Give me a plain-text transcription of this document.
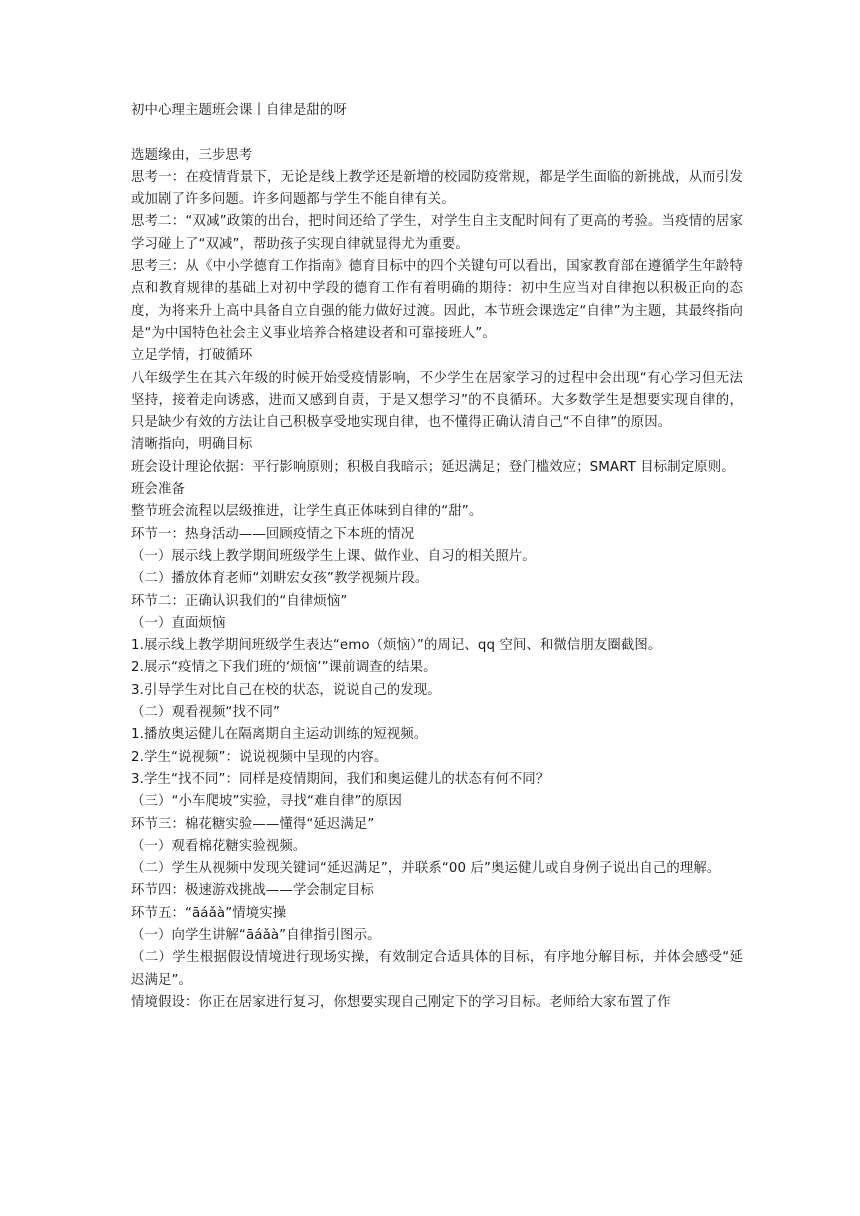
初中心理主题班会课丨自律是甜的呀

选题缘由，三步思考

思考一：在疫情背景下，无论是线上教学还是新增的校园防疫常规，都是学生面临的新挑战，从而引发或加剧了许多问题。许多问题都与学生不能自律有关。

思考二：“双减”政策的出台，把时间还给了学生，对学生自主支配时间有了更高的考验。当疫情的居家学习碰上了“双减”，帮助孩子实现自律就显得尤为重要。

思考三：从《中小学德育工作指南》德育目标中的四个关键句可以看出，国家教育部在遵循学生年龄特点和教育规律的基础上对初中学段的德育工作有着明确的期待：初中生应当对自律抱以积极正向的态度，为将来升上高中具备自立自强的能力做好过渡。因此，本节班会课选定“自律”为主题，其最终指向是“为中国特色社会主义事业培养合格建设者和可靠接班人”。

立足学情，打破循环

八年级学生在其六年级的时候开始受疫情影响，不少学生在居家学习的过程中会出现“有心学习但无法坚持，接着走向诱惑，进而又感到自责，于是又想学习”的不良循环。大多数学生是想要实现自律的，只是缺少有效的方法让自己积极享受地实现自律，也不懂得正确认清自己“不自律”的原因。

清晰指向，明确目标

班会设计理论依据：平行影响原则；积极自我暗示；延迟满足；登门槛效应；SMART 目标制定原则。

班会准备

整节班会流程以层级推进，让学生真正体味到自律的“甜”。

环节一：热身活动——回顾疫情之下本班的情况

（一）展示线上教学期间班级学生上课、做作业、自习的相关照片。

（二）播放体育老师“刘畊宏女孩”教学视频片段。

环节二：正确认识我们的“自律烦恼”

（一）直面烦恼

1.展示线上教学期间班级学生表达“emo（烦恼）”的周记、qq 空间、和微信朋友圈截图。

2.展示“疫情之下我们班的‘烦恼’”课前调查的结果。

3.引导学生对比自己在校的状态，说说自己的发现。

（二）观看视频“找不同”

1.播放奥运健儿在隔离期自主运动训练的短视频。

2.学生“说视频”：说说视频中呈现的内容。

3.学生“找不同”：同样是疫情期间，我们和奥运健儿的状态有何不同？

（三）“小车爬坡”实验，寻找“难自律”的原因

环节三：棉花糖实验——懂得“延迟满足”

（一）观看棉花糖实验视频。

（二）学生从视频中发现关键词“延迟满足”，并联系“00 后”奥运健儿或自身例子说出自己的理解。

环节四：极速游戏挑战——学会制定目标

环节五：“āáǎà”情境实操

（一）向学生讲解“āáǎà”自律指引图示。

（二）学生根据假设情境进行现场实操，有效制定合适具体的目标，有序地分解目标，并体会感受“延迟满足”。

情境假设：你正在居家进行复习，你想要实现自己刚定下的学习目标。老师给大家布置了作
